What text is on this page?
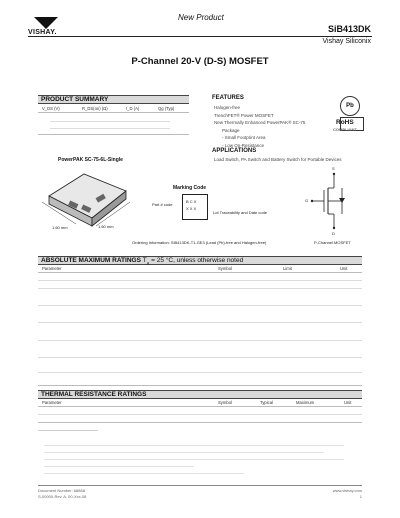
New Product
VISHAY.	SiB413DK
Vishay Siliconix
P-Channel 20-V (D-S) MOSFET
PRODUCT SUMMARY
V_DS (V)	R_DS(on) (Ω)	I_D (A)	Qg (Typ)
FEATURES
Halogen-free
TrenchFET® Power MOSFET
New Thermally Enhanced PowerPAK® SC-75
Package
- Small Footprint Area
- Low On-Resistance
Pb
RoHS
COMPLIANT
APPLICATIONS
Load Switch, PA Switch and Battery Switch for Portable Devices
PowerPAK SC-75-6L-Single
1.60 mm	1.60 mm
Marking Code
B C X
X X X
Part # code
Lot Traceability and Date code
Ordering Information: SiB413DK-T1-GE3 (Lead (Pb)-free and Halogen-free)
S
G
D
P-Channel MOSFET
ABSOLUTE MAXIMUM RATINGS $T_A = 25$ °C, unless otherwise noted
Parameter	Symbol	Limit	Unit
THERMAL RESISTANCE RATINGS
Parameter	Symbol	Typical	Maximum	Unit
Document Number: 68868
S-00000-Rev. A, 00-Xxx-08
www.vishay.com
1
